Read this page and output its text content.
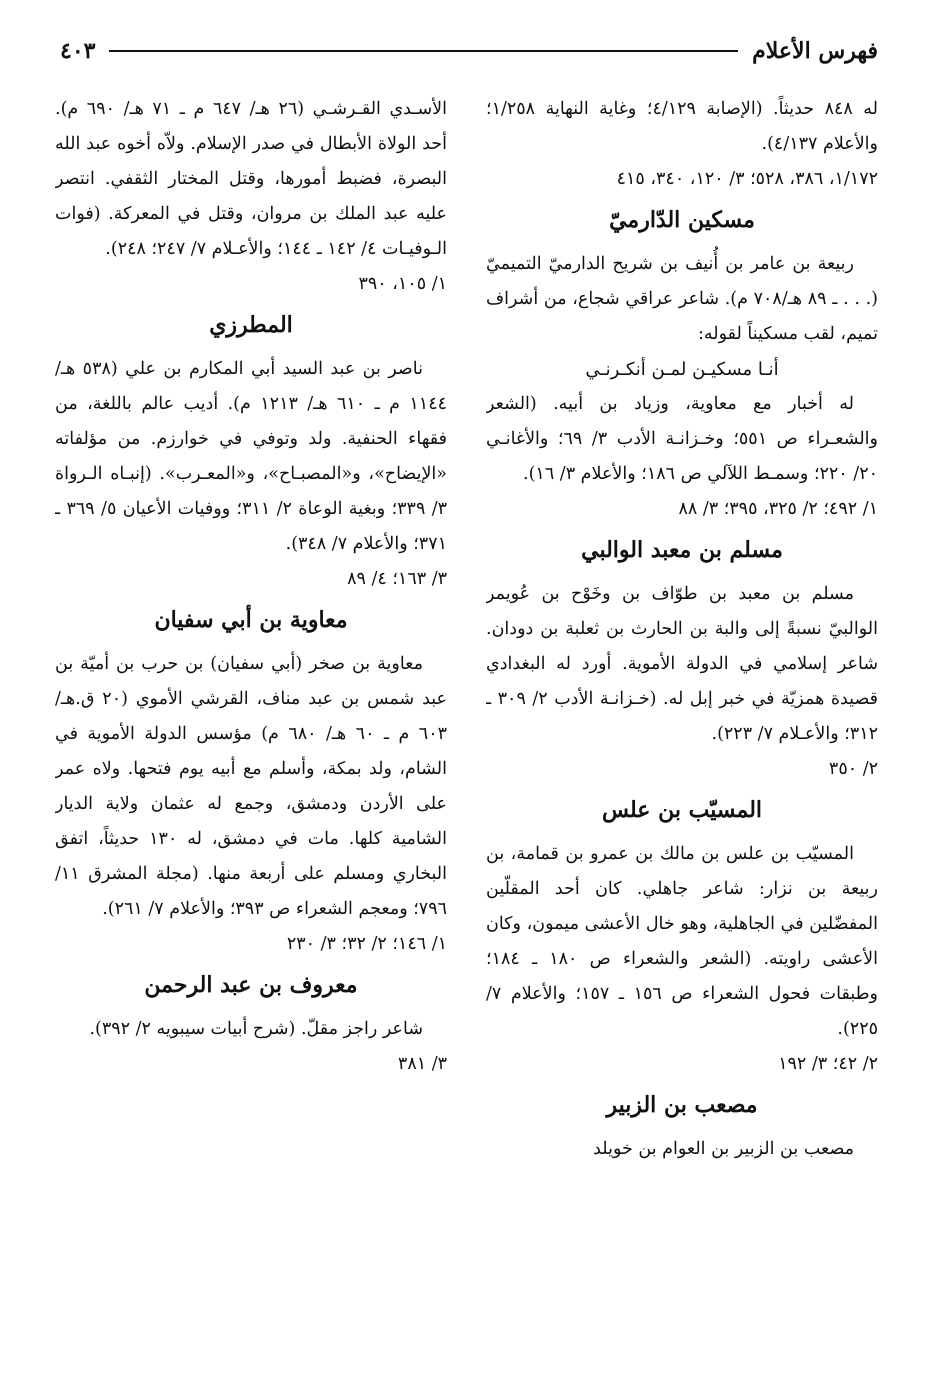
فهرس الأعلام
٤٠٣

له ٨٤٨ حديثاً. (الإصابة ٤/١٢٩؛ وغاية النهاية ١/٢٥٨؛ والأعلام ٤/١٣٧).

١/١٧٢، ٣٨٦، ٥٢٨؛ ٣/ ١٢٠، ٣٤٠، ٤١٥

مسكين الدّارميّ

ربيعة بن عامر بن أُنيف بن شريح الدارميّ التميميّ (. . . ـ ٨٩ هـ/٧٠٨ م). شاعر عراقي شجاع، من أشراف تميم، لقب مسكيناً لقوله:

أنـا مسكيـن لمـن أنكـرنـي

له أخبار مع معاوية، وزياد بن أبيه. (الشعر والشعـراء ص ٥٥١؛ وخـزانـة الأدب ٣/ ٦٩؛ والأغانـي ٢٠/ ٢٢٠؛ وسمـط اللآلي ص ١٨٦؛ والأعلام ٣/ ١٦).

١/ ٤٩٢؛ ٢/ ٣٢٥، ٣٩٥؛ ٣/ ٨٨

مسلم بن معبد الوالبي

مسلم بن معبد بن طوّاف بن وخَوْح بن عُويمر الوالبيّ نسبةً إلى والبة بن الحارث بن ثعلبة بن دودان. شاعر إسلامي في الدولة الأموية. أورد له البغدادي قصيدة همزيّة في خبر إبل له. (خـزانـة الأدب ٢/ ٣٠٩ ـ ٣١٢؛ والأعـلام ٧/ ٢٢٣).

٢/ ٣٥٠

المسيّب بن علس

المسيّب بن علس بن مالك بن عمرو بن قمامة، بن ربيعة بن نزار: شاعر جاهلي. كان أحد المقلّين المفضّلين في الجاهلية، وهو خال الأعشى ميمون، وكان الأعشى راويته. (الشعر والشعراء ص ١٨٠ ـ ١٨٤؛ وطبقات فحول الشعراء ص ١٥٦ ـ ١٥٧؛ والأعلام ٧/ ٢٢٥).

٢/ ٤٢؛ ٣/ ١٩٢

مصعب بن الزبير

مصعب بن الزبير بن العوام بن خويلد

الأسـدي القـرشـي (٢٦ هـ/ ٦٤٧ م ـ ٧١ هـ/ ٦٩٠ م). أحد الولاة الأبطال في صدر الإسلام. ولاّه أخوه عبد الله البصرة، فضبط أمورها، وقتل المختار الثقفي. انتصر عليه عبد الملك بن مروان، وقتل في المعركة. (فوات الـوفيـات ٤/ ١٤٢ ـ ١٤٤؛ والأعـلام ٧/ ٢٤٧؛ ٢٤٨).

١/ ١٠٥، ٣٩٠

المطرزي

ناصر بن عبد السيد أبي المكارم بن علي (٥٣٨ هـ/ ١١٤٤ م ـ ٦١٠ هـ/ ١٢١٣ م). أديب عالم باللغة، من فقهاء الحنفية. ولد وتوفي في خوارزم. من مؤلفاته «الإيضاح»، و«المصبـاح»، و«المعـرب». (إنبـاه الـرواة ٣/ ٣٣٩؛ وبغية الوعاة ٢/ ٣١١؛ ووفيات الأعيان ٥/ ٣٦٩ ـ ٣٧١؛ والأعلام ٧/ ٣٤٨).

٣/ ١٦٣؛ ٤/ ٨٩

معاوية بن أبي سفيان

معاوية بن صخر (أبي سفيان) بن حرب بن أميّة بن عبد شمس بن عبد مناف، القرشي الأموي (٢٠ ق.هـ/ ٦٠٣ م ـ ٦٠ هـ/ ٦٨٠ م) مؤسس الدولة الأموية في الشام، ولد بمكة، وأسلم مع أبيه يوم فتحها. ولاه عمر على الأردن ودمشق، وجمع له عثمان ولاية الديار الشامية كلها. مات في دمشق، له ١٣٠ حديثاً، اتفق البخاري ومسلم على أربعة منها. (مجلة المشرق ١١/ ٧٩٦؛ ومعجم الشعراء ص ٣٩٣؛ والأعلام ٧/ ٢٦١).

١/ ١٤٦؛ ٢/ ٣٢؛ ٣/ ٢٣٠

معروف بن عبد الرحمن

شاعر راجز مقلّ. (شرح أبيات سيبويه ٢/ ٣٩٢).

٣/ ٣٨١
